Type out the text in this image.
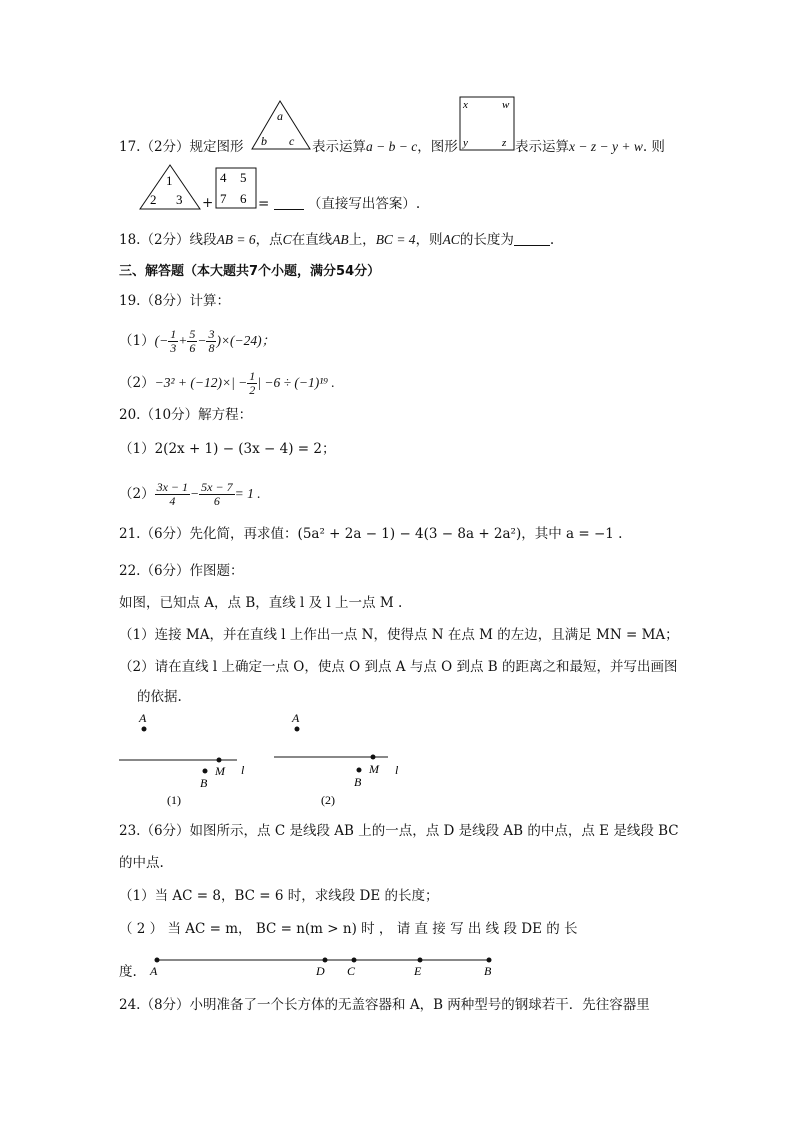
17.（2分）规定图形
a
b c 表示运算a − b − c，图形
x	w
y	z 表示运算x − z − y + w. 则
1
2 3 +
4 5
7 6 =	（直接写出答案）.
18.（2分）线段AB = 6，点C在直线AB上，BC = 4，则AC的长度为	.
三、解答题（本大题共7个小题，满分54分）
19.（8分）计算：
$(1)(- \frac{1}{3} + \frac{5}{6} - \frac{3}{8} )\times(-24)$；
$(2)-3^2 + (-12)\times| - \frac{1}{2}$ | −6 ÷ (−1)¹⁹ .
20.（10分）解方程：
（1）2(2x + 1) − (3x − 4) = 2；
$(2) \frac{3x - 1}{4} - \frac{5x - 7}{6} = 1$ .
21.（6分）先化简，再求值：(5a² + 2a − 1) − 4(3 − 8a + 2a²)，其中 a = −1 .
22.（6分）作图题：
如图，已知点 A，点 B，直线 l 及 l 上一点 M .
（1）连接 MA，并在直线 l 上作出一点 N，使得点 N 在点 M 的左边，且满足 MN = MA；
（2）请在直线 l 上确定一点 O，使点 O 到点 A 与点 O 到点 B 的距离之和最短，并写出画图
的依据.
A
M l
B
(1)
A
M l
B
(2)
23.（6分）如图所示，点 C 是线段 AB 上的一点，点 D 是线段 AB 的中点，点 E 是线段 BC
的中点.
（1）当 AC = 8，BC = 6 时，求线段 DE 的长度；
（ 2 ） 当 AC = m， BC = n(m > n) 时 ， 请 直 接 写 出 线 段 DE 的 长
度. A	D C	E	B
24.（8分）小明准备了一个长方体的无盖容器和 A，B 两种型号的钢球若干．先往容器里
